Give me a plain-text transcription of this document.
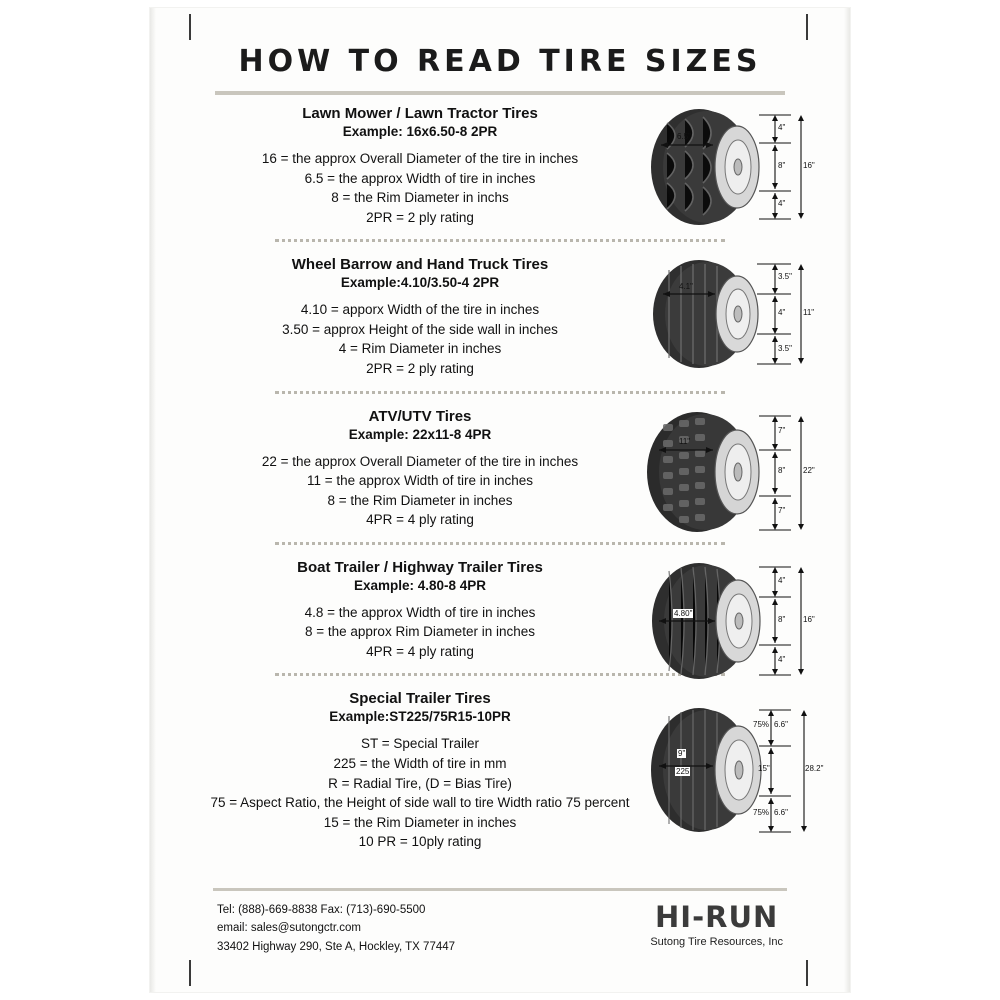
HOW TO READ TIRE SIZES
Lawn Mower / Lawn Tractor Tires
Example: 16x6.50-8 2PR
16 = the approx Overall Diameter of the tire in inches
6.5 = the approx Width of tire in inches
8 = the Rim Diameter in inchs
2PR = 2 ply rating
6.5"
4"
8"
4"
16"
Wheel Barrow and Hand Truck Tires
Example:4.10/3.50-4 2PR
4.10 = apporx Width of the tire in inches
3.50 = approx Height of the side wall in inches
4 = Rim Diameter in inches
2PR = 2 ply rating
4.1"
3.5"
4"
3.5"
11"
ATV/UTV Tires
Example: 22x11-8 4PR
22 = the approx Overall Diameter of the tire in inches
11 = the approx Width of tire in inches
8 = the Rim Diameter in inches
4PR = 4 ply rating
11"
7"
8"
7"
22"
Boat Trailer / Highway Trailer Tires
Example: 4.80-8 4PR
4.8 = the approx Width of tire in inches
8 = the approx Rim Diameter in inches
4PR = 4 ply rating
4.80"
4"
8"
4"
16"
Special Trailer Tires
Example:ST225/75R15-10PR
ST = Special Trailer
225 = the Width of tire in mm
R = Radial Tire, (D = Bias Tire)
75 = Aspect Ratio, the Height of side wall to tire Width ratio 75 percent
15 = the Rim Diameter in inches
10 PR = 10ply rating
9"
225
75% 6.6"
15"
75% 6.6"
28.2"
Tel: (888)-669-8838 Fax: (713)-690-5500
email: sales@sutongctr.com
33402 Highway 290, Ste A, Hockley, TX 77447
HI-RUN
Sutong Tire Resources, Inc
